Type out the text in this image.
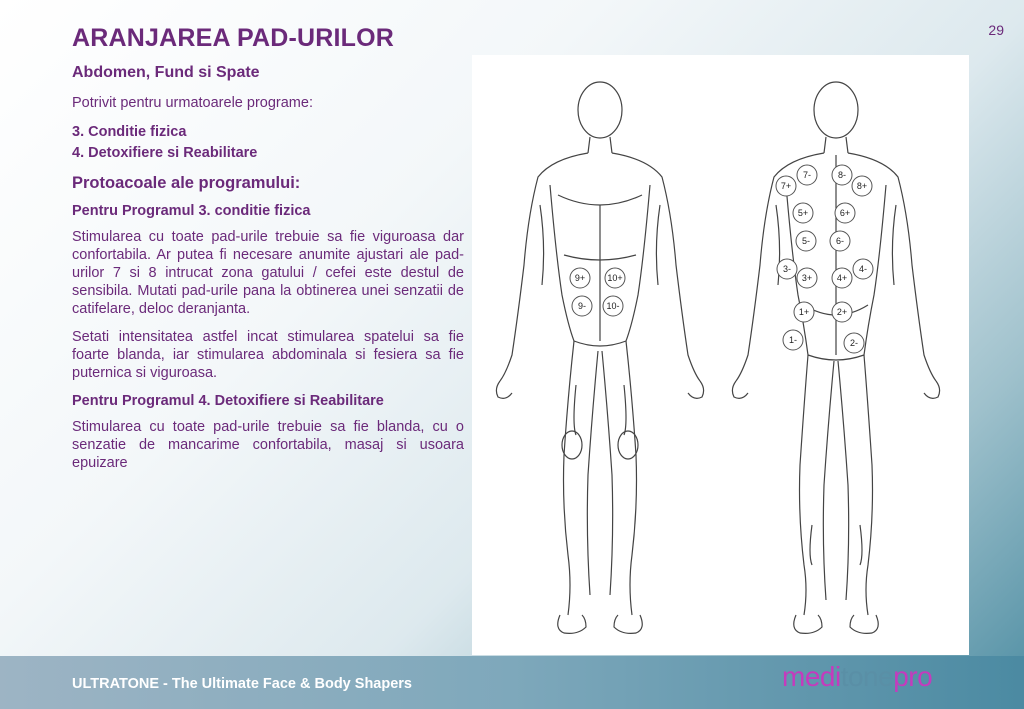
29
ARANJAREA PAD-URILOR
Abdomen, Fund si Spate
Potrivit pentru urmatoarele programe:
3. Conditie fizica
4. Detoxifiere si Reabilitare
Protoacoale ale programului:
Pentru Programul 3. conditie fizica

Stimularea cu toate pad-urile trebuie sa fie viguroasa dar confortabila. Ar putea fi necesare anumite ajustari ale pad-urilor 7 si 8 intrucat zona gatului / cefei este destul de sensibila. Mutati pad-urile pana la obtinerea unei senzatii de catifelare, deloc deranjanta.

Setati intensitatea astfel incat stimularea spatelui sa fie foarte blanda, iar stimularea abdominala si fesiera sa fie puternica si viguroasa.

Pentru Programul 4. Detoxifiere si Reabilitare

Stimularea cu toate pad-urile trebuie sa fie blanda, cu o senzatie de mancarime confortabila, masaj si usoara epuizare

9+ 10+
9- 10-
7-	8-
7+	8+
5+	6+
5-	6-
3-
3+	4+
4-
1+	2+
1-	2-
ULTRATONE - The Ultimate Face & Body Shapers	meditonepro
